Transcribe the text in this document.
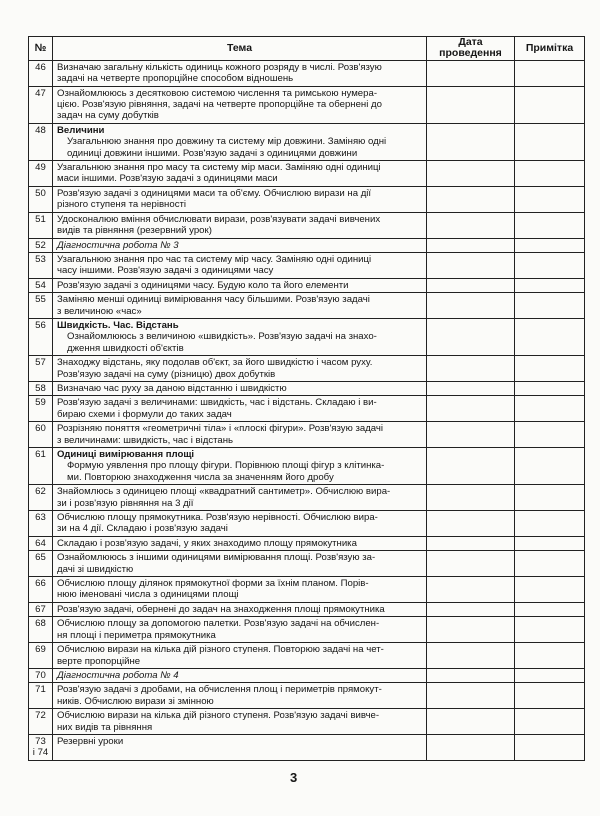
№	Тема	Дата проведення	Примітка
46	Визначаю загальну кількість одиниць кожного розряду в числі. Розв'язую
задачі на четверте пропорційне способом відношень		

47	Ознайомлююсь з десятковою системою числення та римською нумера-
цією. Розв'язую рівняння, задачі на четверте пропорційне та обернені до
задач на суму добутків		

48	Величини
Узагальнюю знання про довжину та систему мір довжини. Заміняю одні
одиниці довжини іншими. Розв'язую задачі з одиницями довжини		

49	Узагальнюю знання про масу та систему мір маси. Заміняю одні одиниці
маси іншими. Розв'язую задачі з одиницями маси		

50	Розв'язую задачі з одиницями маси та об'єму. Обчислюю вирази на дії
різного ступеня та нерівності		

51	Удосконалюю вміння обчислювати вирази, розв'язувати задачі вивчених
видів та рівняння (резервний урок)		

52	Діагностична робота № 3		

53	Узагальнюю знання про час та систему мір часу. Заміняю одні одиниці
часу іншими. Розв'язую задачі з одиницями часу		

54	Розв'язую задачі з одиницями часу. Будую коло та його елементи		

55	Заміняю менші одиниці вимірювання часу більшими. Розв'язую задачі
з величиною «час»		

56	Швидкість. Час. Відстань
Ознайомлююсь з величиною «швидкість». Розв'язую задачі на знахо-
дження швидкості об'єктів		

57	Знаходжу відстань, яку подолав об'єкт, за його швидкістю і часом руху.
Розв'язую задачі на суму (різницю) двох добутків		

58	Визначаю час руху за даною відстанню і швидкістю		

59	Розв'язую задачі з величинами: швидкість, час і відстань. Складаю і ви-
бираю схеми і формули до таких задач		

60	Розрізняю поняття «геометричні тіла» і «плоскі фігури». Розв'язую задачі
з величинами: швидкість, час і відстань		

61	Одиниці вимірювання площі
Формую уявлення про площу фігури. Порівнюю площі фігур з клітинка-
ми. Повторюю знаходження числа за значенням його дробу		

62	Знайомлюсь з одиницею площі «квадратний сантиметр». Обчислюю вира-
зи і розв'язую рівняння на 3 дії		

63	Обчислюю площу прямокутника. Розв'язую нерівності. Обчислюю вира-
зи на 4 дії. Складаю і розв'язую задачі		

64	Складаю і розв'язую задачі, у яких знаходимо площу прямокутника		

65	Ознайомлююсь з іншими одиницями вимірювання площі. Розв'язую за-
дачі зі швидкістю		

66	Обчислюю площу ділянок прямокутної форми за їхнім планом. Порів-
нюю іменовані числа з одиницями площі		

67	Розв'язую задачі, обернені до задач на знаходження площі прямокутника		

68	Обчислюю площу за допомогою палетки. Розв'язую задачі на обчислен-
ня площі і периметра прямокутника		

69	Обчислюю вирази на кілька дій різного ступеня. Повторюю задачі на чет-
верте пропорційне		

70	Діагностична робота № 4		

71	Розв'язую задачі з дробами, на обчислення площ і периметрів прямокут-
ників. Обчислюю вирази зі змінною		

72	Обчислюю вирази на кілька дій різного ступеня. Розв'язую задачі вивче-
них видів та рівняння		

73
і 74	Резервні уроки		

3
